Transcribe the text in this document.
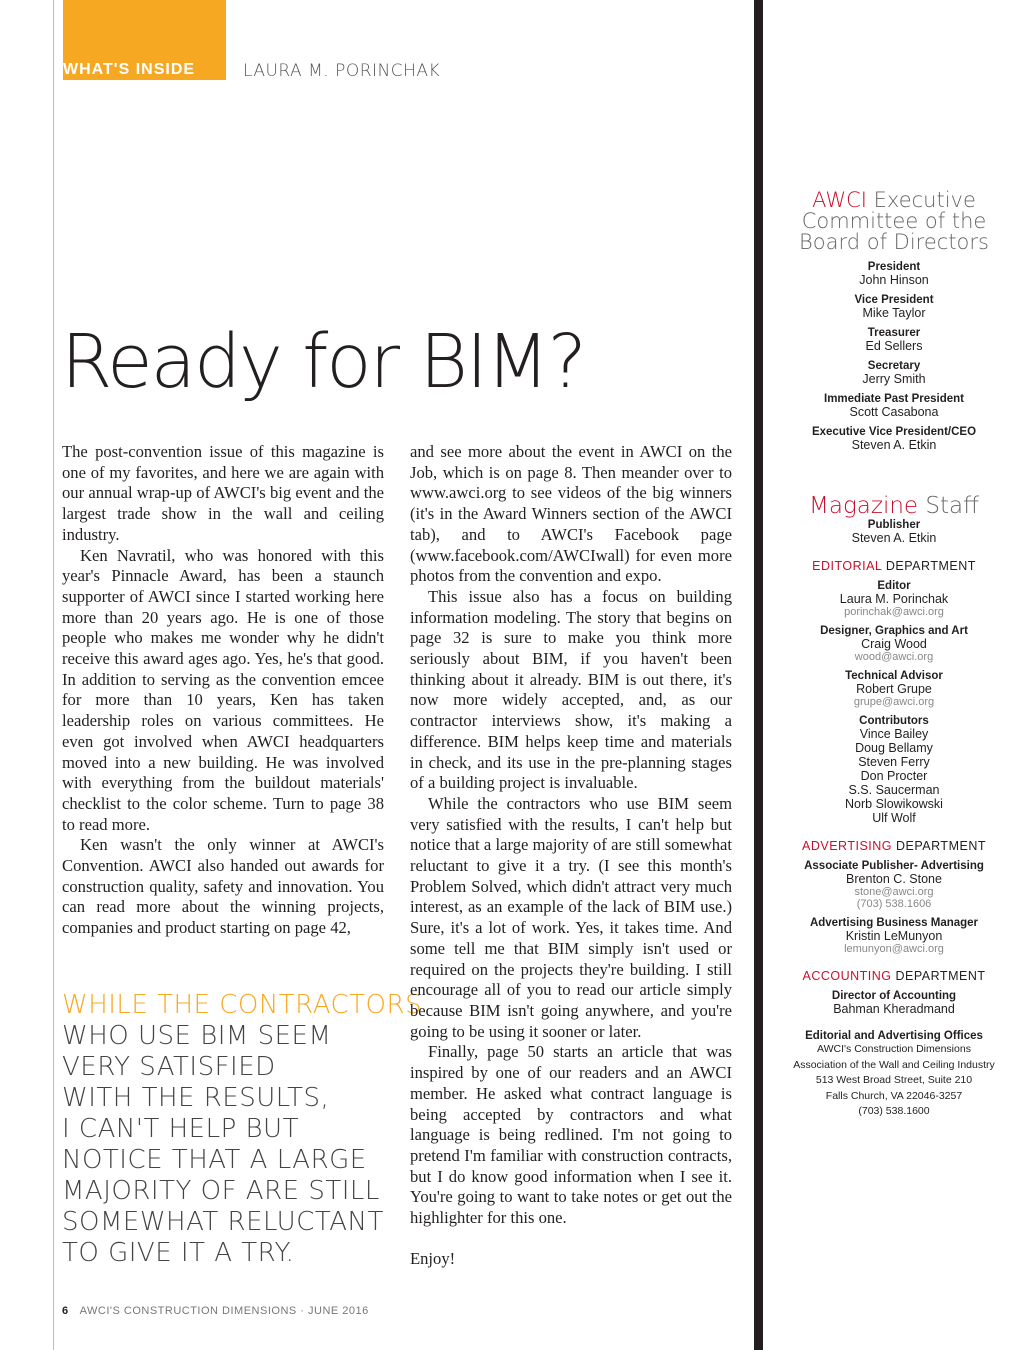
WHAT'S INSIDE	LAURA M. PORINCHAK
Ready for BIM?

The post-convention issue of this magazine is one of my favorites, and here we are again with our annual wrap-up of AWCI's big event and the largest trade show in the wall and ceiling industry.

Ken Navratil, who was honored with this year's Pinnacle Award, has been a staunch supporter of AWCI since I started working here more than 20 years ago. He is one of those people who makes me wonder why he didn't receive this award ages ago. Yes, he's that good. In addition to serving as the convention emcee for more than 10 years, Ken has taken leadership roles on various committees. He even got involved when AWCI headquarters moved into a new building. He was involved with everything from the buildout materials' checklist to the color scheme. Turn to page 38 to read more.

Ken wasn't the only winner at AWCI's Convention. AWCI also handed out awards for construction quality, safety and innovation. You can read more about the winning projects, companies and product starting on page 42,

WHILE THE CONTRACTORS
WHO USE BIM SEEM
VERY SATISFIED
WITH THE RESULTS,
I CAN'T HELP BUT
NOTICE THAT A LARGE
MAJORITY OF ARE STILL
SOMEWHAT RELUCTANT
TO GIVE IT A TRY.

and see more about the event in AWCI on the Job, which is on page 8. Then meander over to www.awci.org to see videos of the big winners (it's in the Award Winners section of the AWCI tab), and to AWCI's Facebook page (www.facebook.com/AWCIwall) for even more photos from the convention and expo.

This issue also has a focus on building information modeling. The story that begins on page 32 is sure to make you think more seriously about BIM, if you haven't been thinking about it already. BIM is out there, it's now more widely accepted, and, as our contractor interviews show, it's making a difference. BIM helps keep time and materials in check, and its use in the pre-planning stages of a building project is invaluable.

While the contractors who use BIM seem very satisfied with the results, I can't help but notice that a large majority of are still somewhat reluctant to give it a try. (I see this month's Problem Solved, which didn't attract very much interest, as an example of the lack of BIM use.) Sure, it's a lot of work. Yes, it takes time. And some tell me that BIM simply isn't used or required on the projects they're building. I still encourage all of you to read our article simply because BIM isn't going anywhere, and you're going to be using it sooner or later.

Finally, page 50 starts an article that was inspired by one of our readers and an AWCI member. He asked what contract language is being accepted by contractors and what language is being redlined. I'm not going to pretend I'm familiar with construction contracts, but I do know good information when I see it. You're going to want to take notes or get out the highlighter for this one.

Enjoy!

6 AWCI'S CONSTRUCTION DIMENSIONS · JUNE 2016
AWCI Executive
Committee of the
Board of Directors
President
John Hinson
Vice President
Mike Taylor
Treasurer
Ed Sellers
Secretary
Jerry Smith
Immediate Past President
Scott Casabona
Executive Vice President/CEO
Steven A. Etkin
Magazine Staff
Publisher
Steven A. Etkin
EDITORIAL DEPARTMENT
Editor
Laura M. Porinchak
porinchak@awci.org
Designer, Graphics and Art
Craig Wood
wood@awci.org
Technical Advisor
Robert Grupe
grupe@awci.org
Contributors
Vince Bailey
Doug Bellamy
Steven Ferry
Don Procter
S.S. Saucerman
Norb Slowikowski
Ulf Wolf
ADVERTISING DEPARTMENT
Associate Publisher- Advertising
Brenton C. Stone
stone@awci.org
(703) 538.1606
Advertising Business Manager
Kristin LeMunyon
lemunyon@awci.org
ACCOUNTING DEPARTMENT
Director of Accounting
Bahman Kheradmand
Editorial and Advertising Offices
AWCI's Construction Dimensions
Association of the Wall and Ceiling Industry
513 West Broad Street, Suite 210
Falls Church, VA 22046-3257
(703) 538.1600
